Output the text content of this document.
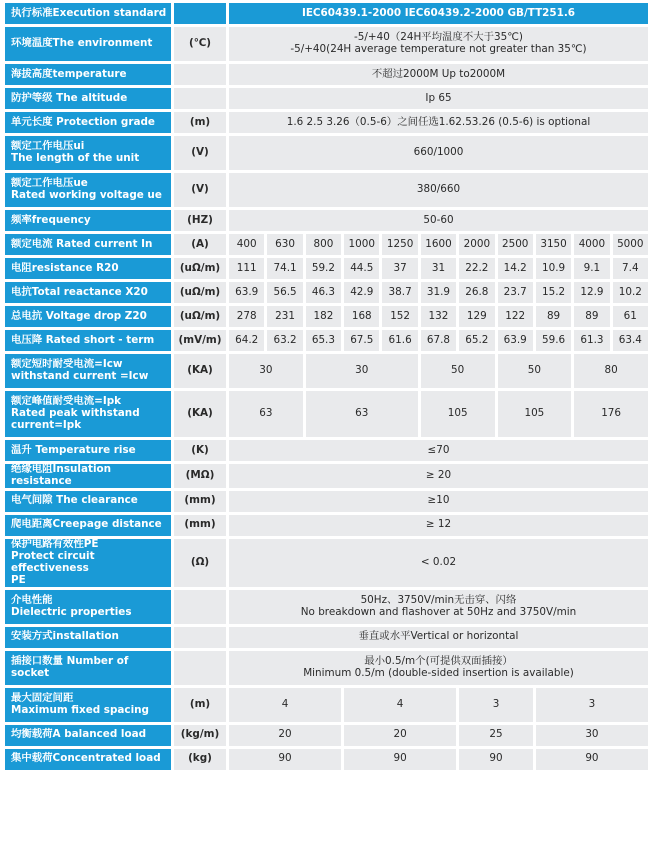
执行标准Execution standard		IEC60439.1-2000 IEC60439.2-2000 GB/TT251.6										

环境温度The environment	(℃)	-5/+40（24H平均温度不大于35℃)
-5/+40(24H average temperature not greater than 35℃)										

海拔高度temperature		不超过2000M Up to2000M										

防护等级 The altitude		Ip 65										

单元长度 Protection grade	(m)	1.6 2.5 3.26（0.5-6）之间任选1.62.53.26 (0.5-6) is optional										

额定工作电压ui
The length of the unit	(V)	660/1000										

额定工作电压ue
Rated working voltage ue	(V)	380/660										

频率frequency	(HZ)	50-60										

额定电流 Rated current In	(A)	400	630	800	1000	1250	1600	2000	2500	3150	4000	5000

电阻resistance R20	(uΩ/m)	111	74.1	59.2	44.5	37	31	22.2	14.2	10.9	9.1	7.4

电抗Total reactance X20	(uΩ/m)	63.9	56.5	46.3	42.9	38.7	31.9	26.8	23.7	15.2	12.9	10.2

总电抗 Voltage drop Z20	(uΩ/m)	278	231	182	168	152	132	129	122	89	89	61

电压降 Rated short - term	(mV/m)	64.2	63.2	65.3	67.5	61.6	67.8	65.2	63.9	59.6	61.3	63.4

额定短时耐受电流=Icw
withstand current =Icw	(KA)	30		30			50		50		80	

额定峰值耐受电流=Ipk
Rated peak withstand
current=Ipk	(KA)	63		63			105		105		176	

温升 Temperature rise	(K)	≤70										

绝缘电阻Insulation resistance	(MΩ)	≥ 20										

电气间隙 The clearance	(mm)	≥10										

爬电距离Creepage distance	(mm)	≥ 12										

保护电路有效性PE
Protect circuit effectiveness
PE	(Ω)	< 0.02										

介电性能
Dielectric properties		50Hz、3750V/min无击穿、闪络
No breakdown and flashover at 50Hz and 3750V/min										

安装方式installation		垂直或水平Vertical or horizontal										

插接口数量 Number of socket		最小0.5/m个(可提供双面插接）
Minimum 0.5/m (double-sided insertion is available)										

最大固定间距
Maximum fixed spacing	(m)	4			4			3		3		

均衡载荷A balanced load	(kg/m)	20			20			25		30		

集中载荷Concentrated load	(kg)	90			90			90		90		
